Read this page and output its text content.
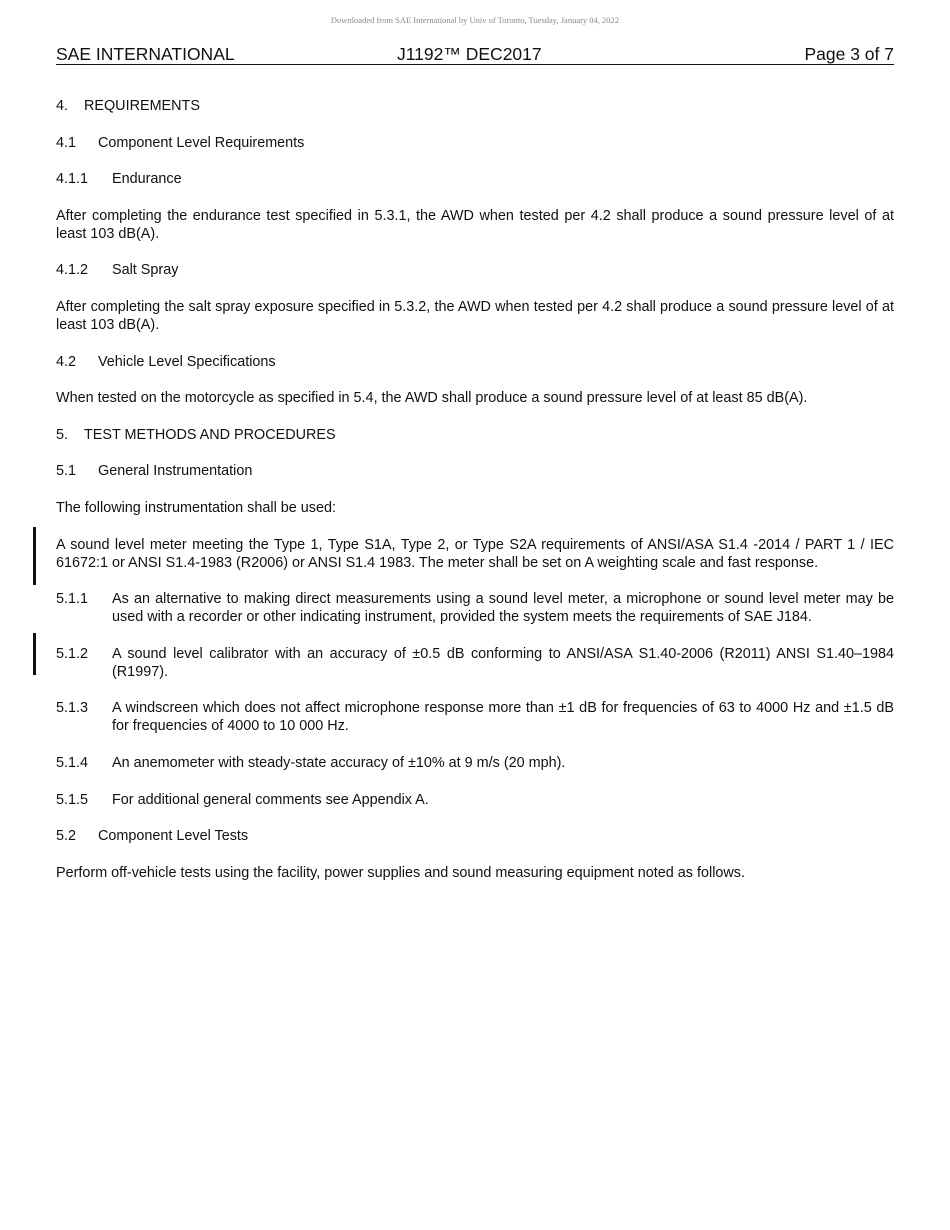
Downloaded from SAE International by Univ of Toronto, Tuesday, January 04, 2022
SAE INTERNATIONAL	J1192™ DEC2017	Page 3 of 7
4. REQUIREMENTS
4.1 Component Level Requirements
4.1.1 Endurance

After completing the endurance test specified in 5.3.1, the AWD when tested per 4.2 shall produce a sound pressure level of at least 103 dB(A).

4.1.2 Salt Spray

After completing the salt spray exposure specified in 5.3.2, the AWD when tested per 4.2 shall produce a sound pressure level of at least 103 dB(A).

4.2 Vehicle Level Specifications

When tested on the motorcycle as specified in 5.4, the AWD shall produce a sound pressure level of at least 85 dB(A).

5. TEST METHODS AND PROCEDURES
5.1 General Instrumentation

The following instrumentation shall be used:

A sound level meter meeting the Type 1, Type S1A, Type 2, or Type S2A requirements of ANSI/ASA S1.4 -2014 / PART 1 / IEC 61672:1 or ANSI S1.4-1983 (R2006) or ANSI S1.4 1983. The meter shall be set on A weighting scale and fast response.
5.1.1 As an alternative to making direct measurements using a sound level meter, a microphone or sound level meter may be used with a recorder or other indicating instrument, provided the system meets the requirements of SAE J184.
5.1.2 A sound level calibrator with an accuracy of ±0.5 dB conforming to ANSI/ASA S1.40-2006 (R2011) ANSI S1.40–1984 (R1997).
5.1.3 A windscreen which does not affect microphone response more than ±1 dB for frequencies of 63 to 4000 Hz and ±1.5 dB for frequencies of 4000 to 10 000 Hz.
5.1.4 An anemometer with steady-state accuracy of ±10% at 9 m/s (20 mph).
5.1.5 For additional general comments see Appendix A.
5.2 Component Level Tests

Perform off-vehicle tests using the facility, power supplies and sound measuring equipment noted as follows.
